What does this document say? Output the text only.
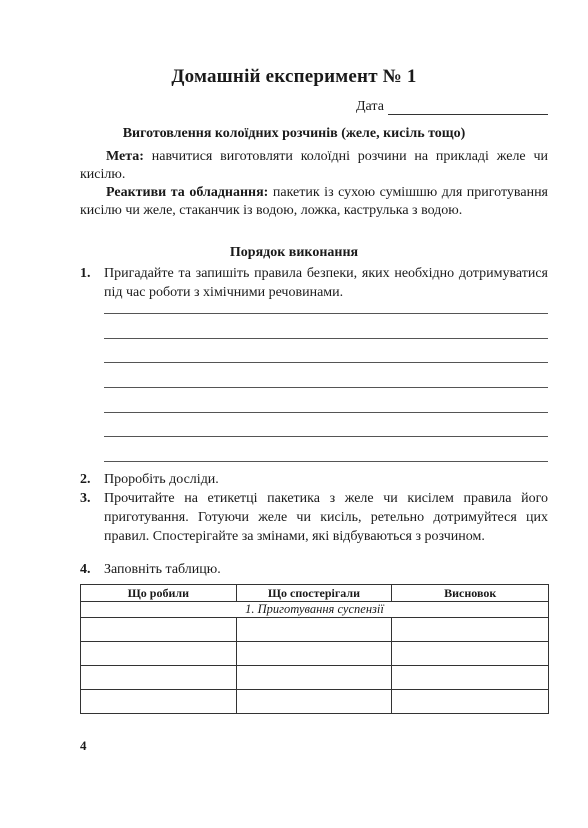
Домашній експеримент № 1
Дата
Виготовлення колоїдних розчинів (желе, кисіль тощо)
Мета: навчитися виготовляти колоїдні розчини на прикладі желе чи кисілю.
Реактиви та обладнання: пакетик із сухою сумішшю для приготування кисілю чи желе, стаканчик із водою, ложка, каструлька з водою.
Порядок виконання
1. Пригадайте та запишіть правила безпеки, яких необхідно дотримуватися під час роботи з хімічними речовинами.
2. Проробіть досліди.
3. Прочитайте на етикетці пакетика з желе чи кисілем правила його приготування. Готуючи желе чи кисіль, ретельно дотримуйтеся цих правил. Спостерігайте за змінами, які відбуваються з розчином.
4. Заповніть таблицю.
Що робили	Що спостерігали	Висновок
1. Приготування суспензії		

4
